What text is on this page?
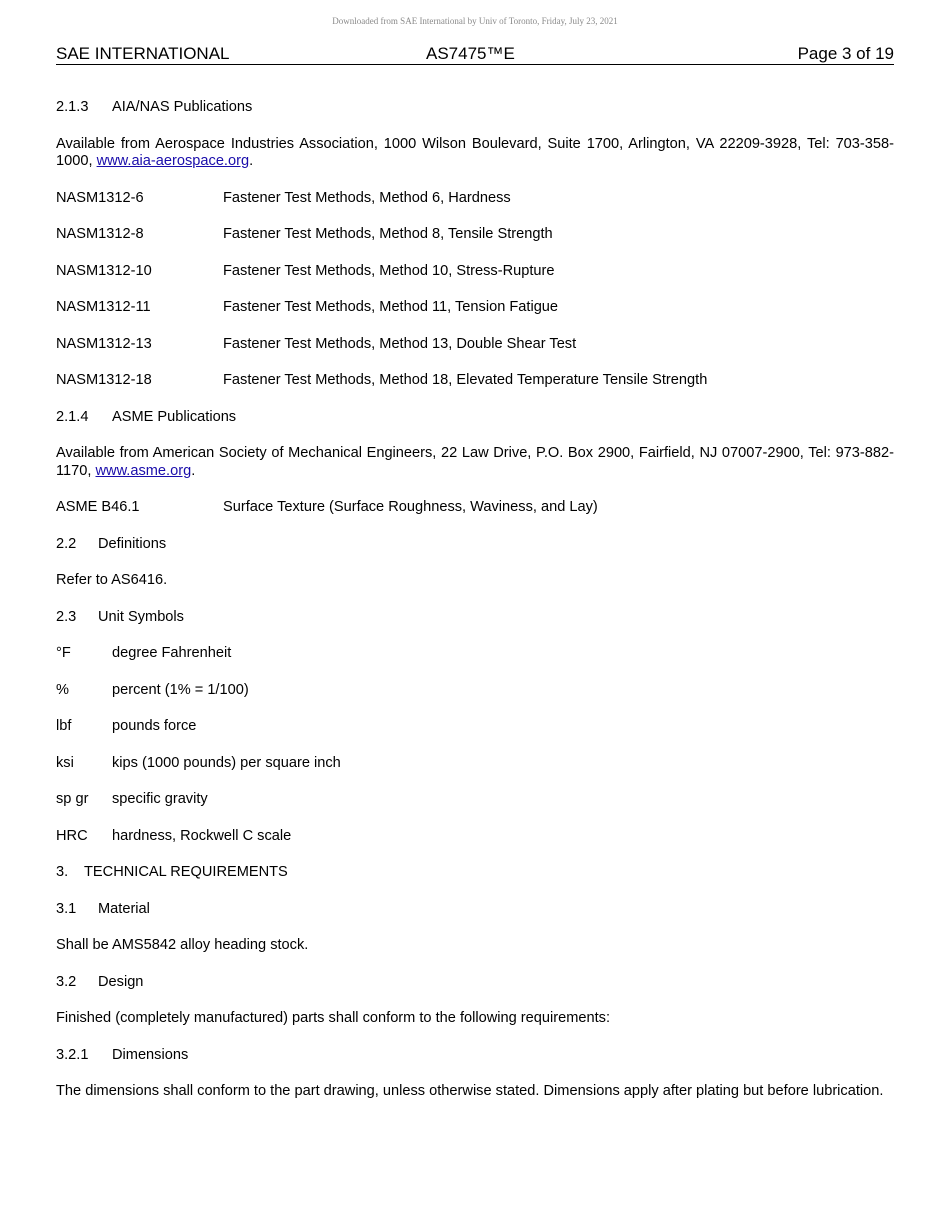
Downloaded from SAE International by Univ of Toronto, Friday, July 23, 2021
SAE INTERNATIONAL	AS7475™E	Page 3 of 19
2.1.3 AIA/NAS Publications
Available from Aerospace Industries Association, 1000 Wilson Boulevard, Suite 1700, Arlington, VA 22209-3928, Tel: 703-358-1000, www.aia-aerospace.org.
NASM1312-6	Fastener Test Methods, Method 6, Hardness
NASM1312-8	Fastener Test Methods, Method 8, Tensile Strength
NASM1312-10	Fastener Test Methods, Method 10, Stress-Rupture
NASM1312-11	Fastener Test Methods, Method 11, Tension Fatigue
NASM1312-13	Fastener Test Methods, Method 13, Double Shear Test
NASM1312-18	Fastener Test Methods, Method 18, Elevated Temperature Tensile Strength
2.1.4 ASME Publications
Available from American Society of Mechanical Engineers, 22 Law Drive, P.O. Box 2900, Fairfield, NJ 07007-2900, Tel: 973-882-1170, www.asme.org.
ASME B46.1	Surface Texture (Surface Roughness, Waviness, and Lay)
2.2 Definitions
Refer to AS6416.
2.3 Unit Symbols
°F	degree Fahrenheit
%	percent (1% = 1/100)
lbf	pounds force
ksi	kips (1000 pounds) per square inch
sp gr	specific gravity
HRC	hardness, Rockwell C scale
3. TECHNICAL REQUIREMENTS
3.1 Material
Shall be AMS5842 alloy heading stock.
3.2 Design
Finished (completely manufactured) parts shall conform to the following requirements:
3.2.1 Dimensions
The dimensions shall conform to the part drawing, unless otherwise stated. Dimensions apply after plating but before lubrication.
